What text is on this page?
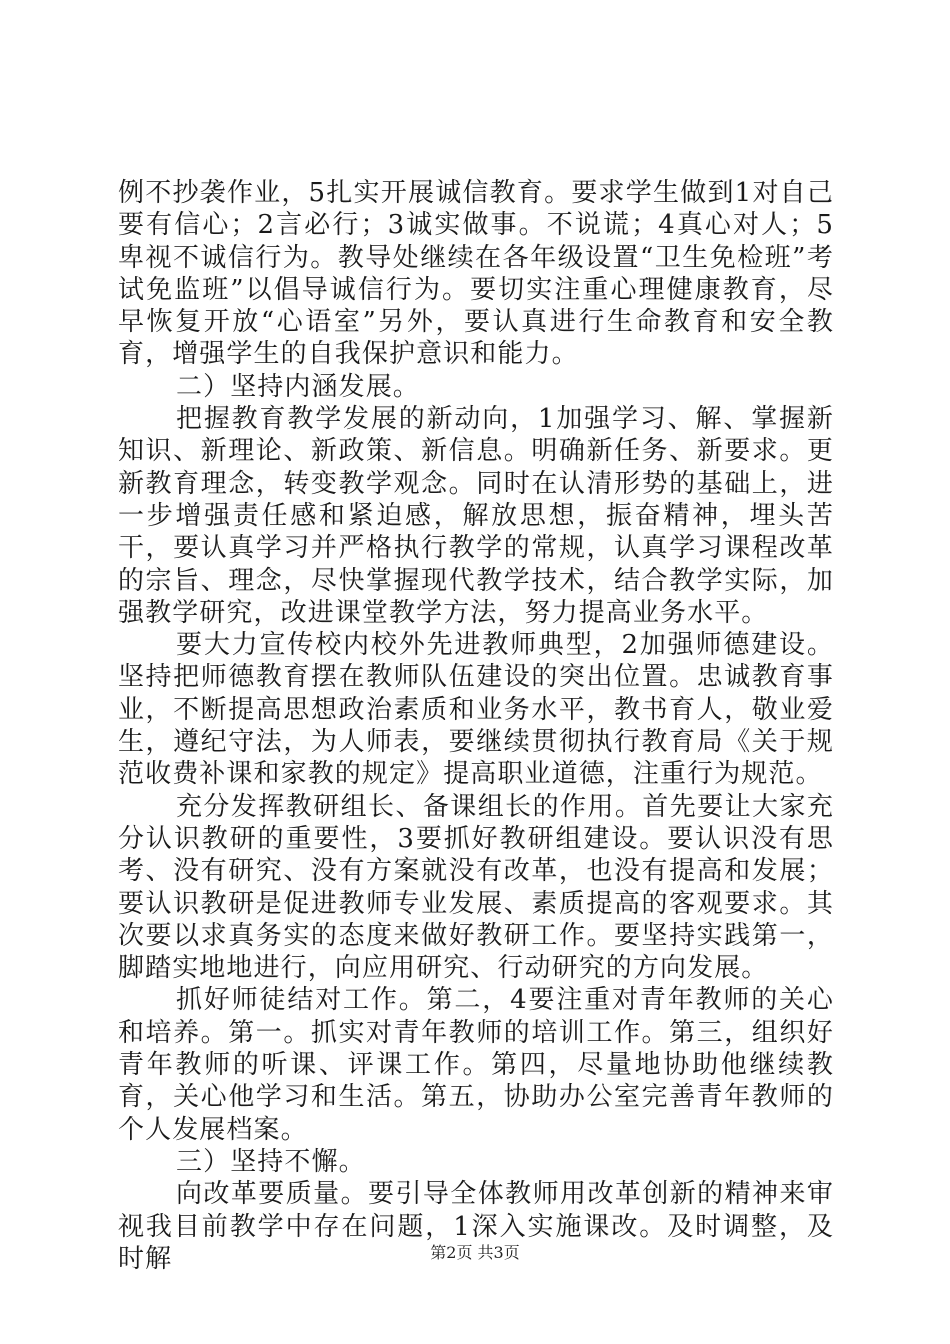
例不抄袭作业，5扎实开展诚信教育。要求学生做到1对自己要有信心；2言必行；3诚实做事。不说谎；4真心对人；5卑视不诚信行为。教导处继续在各年级设置“卫生免检班”考试免监班”以倡导诚信行为。要切实注重心理健康教育，尽早恢复开放“心语室”另外，要认真进行生命教育和安全教育，增强学生的自我保护意识和能力。

二）坚持内涵发展。

把握教育教学发展的新动向，1加强学习、解、掌握新知识、新理论、新政策、新信息。明确新任务、新要求。更新教育理念，转变教学观念。同时在认清形势的基础上，进一步增强责任感和紧迫感，解放思想，振奋精神，埋头苦干，要认真学习并严格执行教学的常规，认真学习课程改革的宗旨、理念，尽快掌握现代教学技术，结合教学实际，加强教学研究，改进课堂教学方法，努力提高业务水平。

要大力宣传校内校外先进教师典型，2加强师德建设。坚持把师德教育摆在教师队伍建设的突出位置。忠诚教育事业，不断提高思想政治素质和业务水平，教书育人，敬业爱生，遵纪守法，为人师表，要继续贯彻执行教育局《关于规范收费补课和家教的规定》提高职业道德，注重行为规范。

充分发挥教研组长、备课组长的作用。首先要让大家充分认识教研的重要性，3要抓好教研组建设。要认识没有思考、没有研究、没有方案就没有改革，也没有提高和发展；要认识教研是促进教师专业发展、素质提高的客观要求。其次要以求真务实的态度来做好教研工作。要坚持实践第一，脚踏实地地进行，向应用研究、行动研究的方向发展。

抓好师徒结对工作。第二，4要注重对青年教师的关心和培养。第一。抓实对青年教师的培训工作。第三，组织好青年教师的听课、评课工作。第四，尽量地协助他继续教育，关心他学习和生活。第五，协助办公室完善青年教师的个人发展档案。

三）坚持不懈。

向改革要质量。要引导全体教师用改革创新的精神来审视我目前教学中存在问题，1深入实施课改。及时调整，及时解	第2页 共3页
